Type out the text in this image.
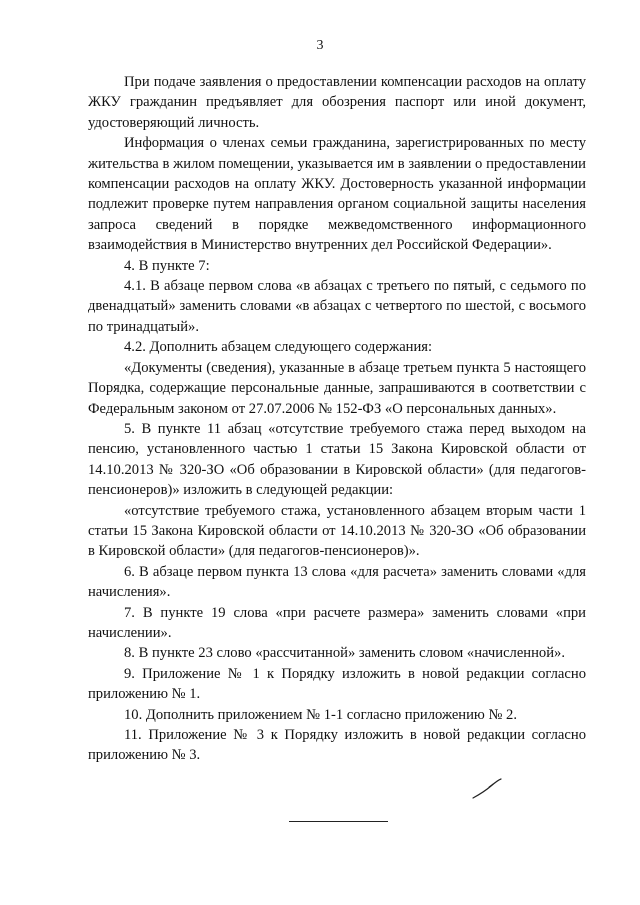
3

При подаче заявления о предоставлении компенсации расходов на оплату ЖКУ гражданин предъявляет для обозрения паспорт или иной документ, удостоверяющий личность.

Информация о членах семьи гражданина, зарегистрированных по месту жительства в жилом помещении, указывается им в заявлении о предоставлении компенсации расходов на оплату ЖКУ. Достоверность указанной информации подлежит проверке путем направления органом социальной защиты населения запроса сведений в порядке межведомственного информационного взаимодействия в Министерство внутренних дел Российской Федерации».

4. В пункте 7:

4.1. В абзаце первом слова «в абзацах с третьего по пятый, с седьмого по двенадцатый» заменить словами «в абзацах с четвертого по шестой, с восьмого по тринадцатый».

4.2. Дополнить абзацем следующего содержания:

«Документы (сведения), указанные в абзаце третьем пункта 5 настоящего Порядка, содержащие персональные данные, запрашиваются в соответствии с Федеральным законом от 27.07.2006 № 152-ФЗ «О персональных данных».

5. В пункте 11 абзац «отсутствие требуемого стажа перед выходом на пенсию, установленного частью 1 статьи 15 Закона Кировской области от 14.10.2013 № 320-ЗО «Об образовании в Кировской области» (для педагогов-пенсионеров)» изложить в следующей редакции:

«отсутствие требуемого стажа, установленного абзацем вторым части 1 статьи 15 Закона Кировской области от 14.10.2013 № 320-ЗО «Об образовании в Кировской области» (для педагогов-пенсионеров)».

6. В абзаце первом пункта 13 слова «для расчета» заменить словами «для начисления».

7. В пункте 19 слова «при расчете размера» заменить словами «при начислении».

8. В пункте 23 слово «рассчитанной» заменить словом «начисленной».

9. Приложение № 1 к Порядку изложить в новой редакции согласно приложению № 1.

10. Дополнить приложением № 1-1 согласно приложению № 2.

11. Приложение № 3 к Порядку изложить в новой редакции согласно приложению № 3.
